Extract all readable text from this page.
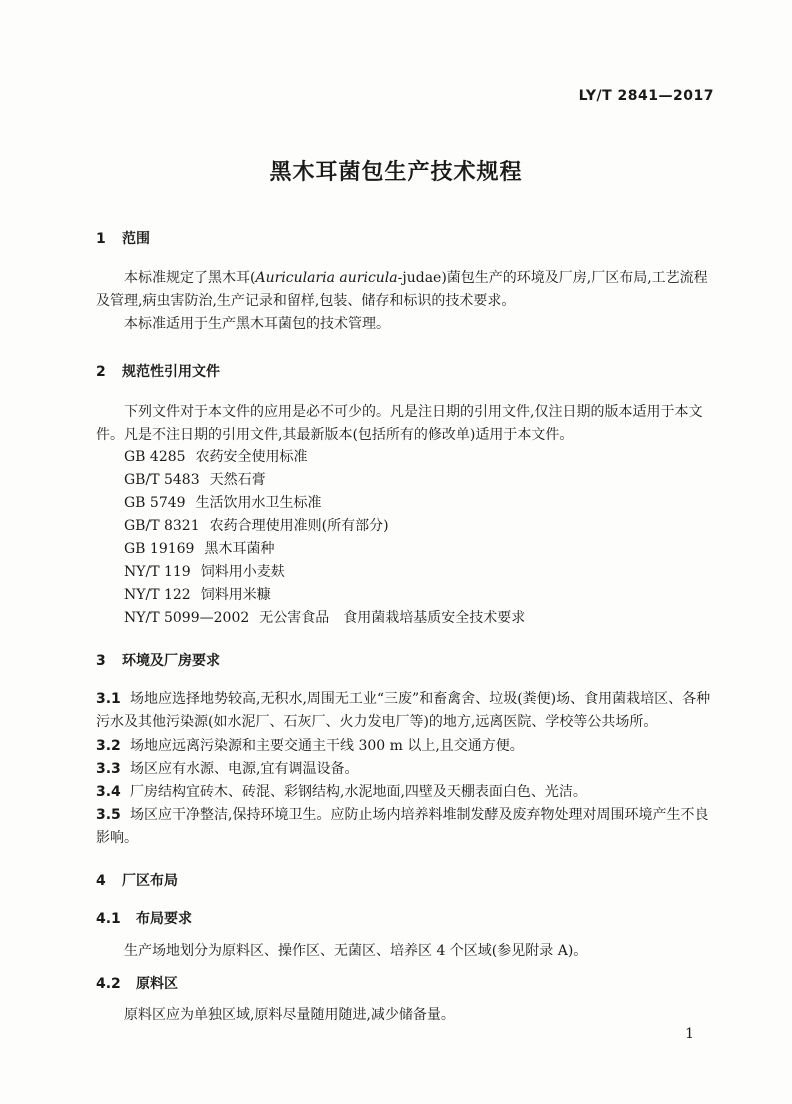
LY/T 2841—2017
黑木耳菌包生产技术规程
1 范围
本标准规定了黑木耳(Auricularia auricula-judae)菌包生产的环境及厂房,厂区布局,工艺流程及管理,病虫害防治,生产记录和留样,包装、储存和标识的技术要求。
本标准适用于生产黑木耳菌包的技术管理。
2 规范性引用文件
下列文件对于本文件的应用是必不可少的。凡是注日期的引用文件,仅注日期的版本适用于本文件。凡是不注日期的引用文件,其最新版本(包括所有的修改单)适用于本文件。
GB 4285 农药安全使用标准
GB/T 5483 天然石膏
GB 5749 生活饮用水卫生标准
GB/T 8321 农药合理使用准则(所有部分)
GB 19169 黑木耳菌种
NY/T 119 饲料用小麦麸
NY/T 122 饲料用米糠
NY/T 5099—2002 无公害食品　食用菌栽培基质安全技术要求
3 环境及厂房要求
3.1 场地应选择地势较高,无积水,周围无工业“三废”和畜禽舍、垃圾(粪便)场、食用菌栽培区、各种污水及其他污染源(如水泥厂、石灰厂、火力发电厂等)的地方,远离医院、学校等公共场所。
3.2 场地应远离污染源和主要交通主干线 300 m 以上,且交通方便。
3.3 场区应有水源、电源,宜有调温设备。
3.4 厂房结构宜砖木、砖混、彩钢结构,水泥地面,四壁及天棚表面白色、光洁。
3.5 场区应干净整洁,保持环境卫生。应防止场内培养料堆制发酵及废弃物处理对周围环境产生不良影响。
4 厂区布局
4.1 布局要求
生产场地划分为原料区、操作区、无菌区、培养区 4 个区域(参见附录 A)。
4.2 原料区
原料区应为单独区域,原料尽量随用随进,减少储备量。
1
